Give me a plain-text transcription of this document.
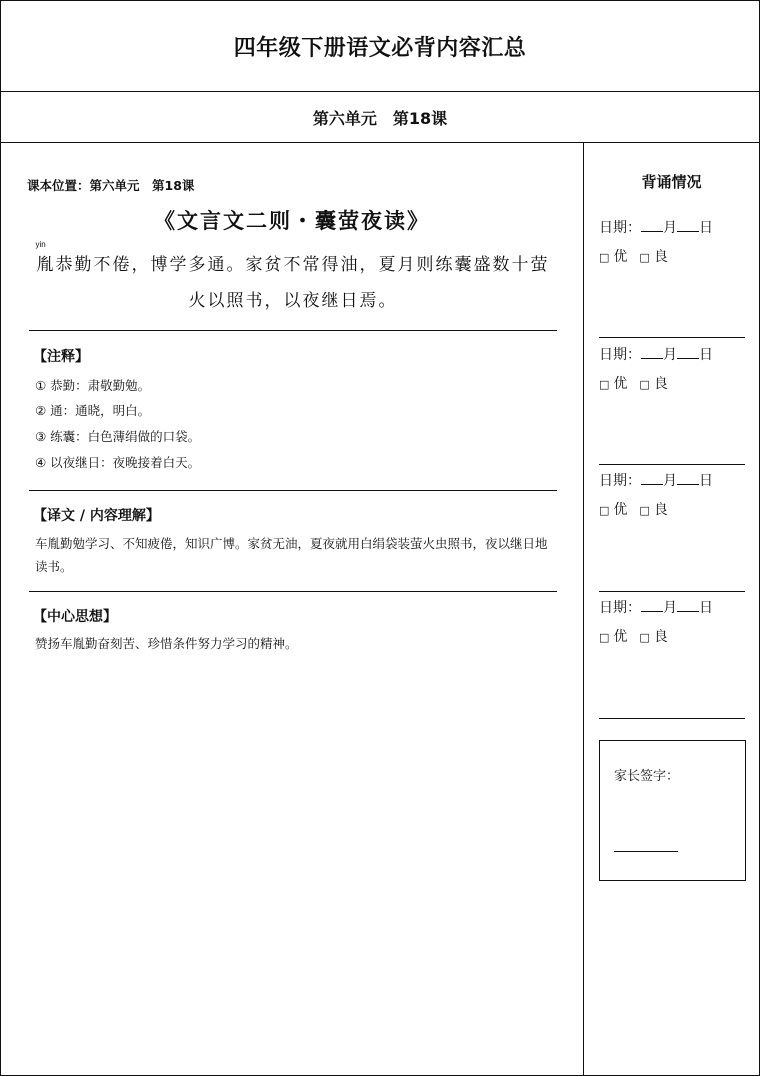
四年级下册语文必背内容汇总
第六单元 第18课
课本位置：第六单元　第18课
《文言文二则・囊萤夜读》
yin
胤恭勤不倦，博学多通。家贫不常得油，夏月则练囊盛数十萤
火以照书，以夜继日焉。
【注释】
① 恭勤：肃敬勤勉。
② 通：通晓，明白。
③ 练囊：白色薄绢做的口袋。
④ 以夜继日：夜晚接着白天。
【译文 / 内容理解】
车胤勤勉学习、不知疲倦，知识广博。家贫无油，夏夜就用白绢袋装萤火虫照书，夜以继日地读书。
【中心思想】
赞扬车胤勤奋刻苦、珍惜条件努力学习的精神。
背诵情况
日期： 月 日
□ 优 □ 良
日期： 月 日
□ 优 □ 良
日期： 月 日
□ 优 □ 良
日期： 月 日
□ 优 □ 良
家长签字：
